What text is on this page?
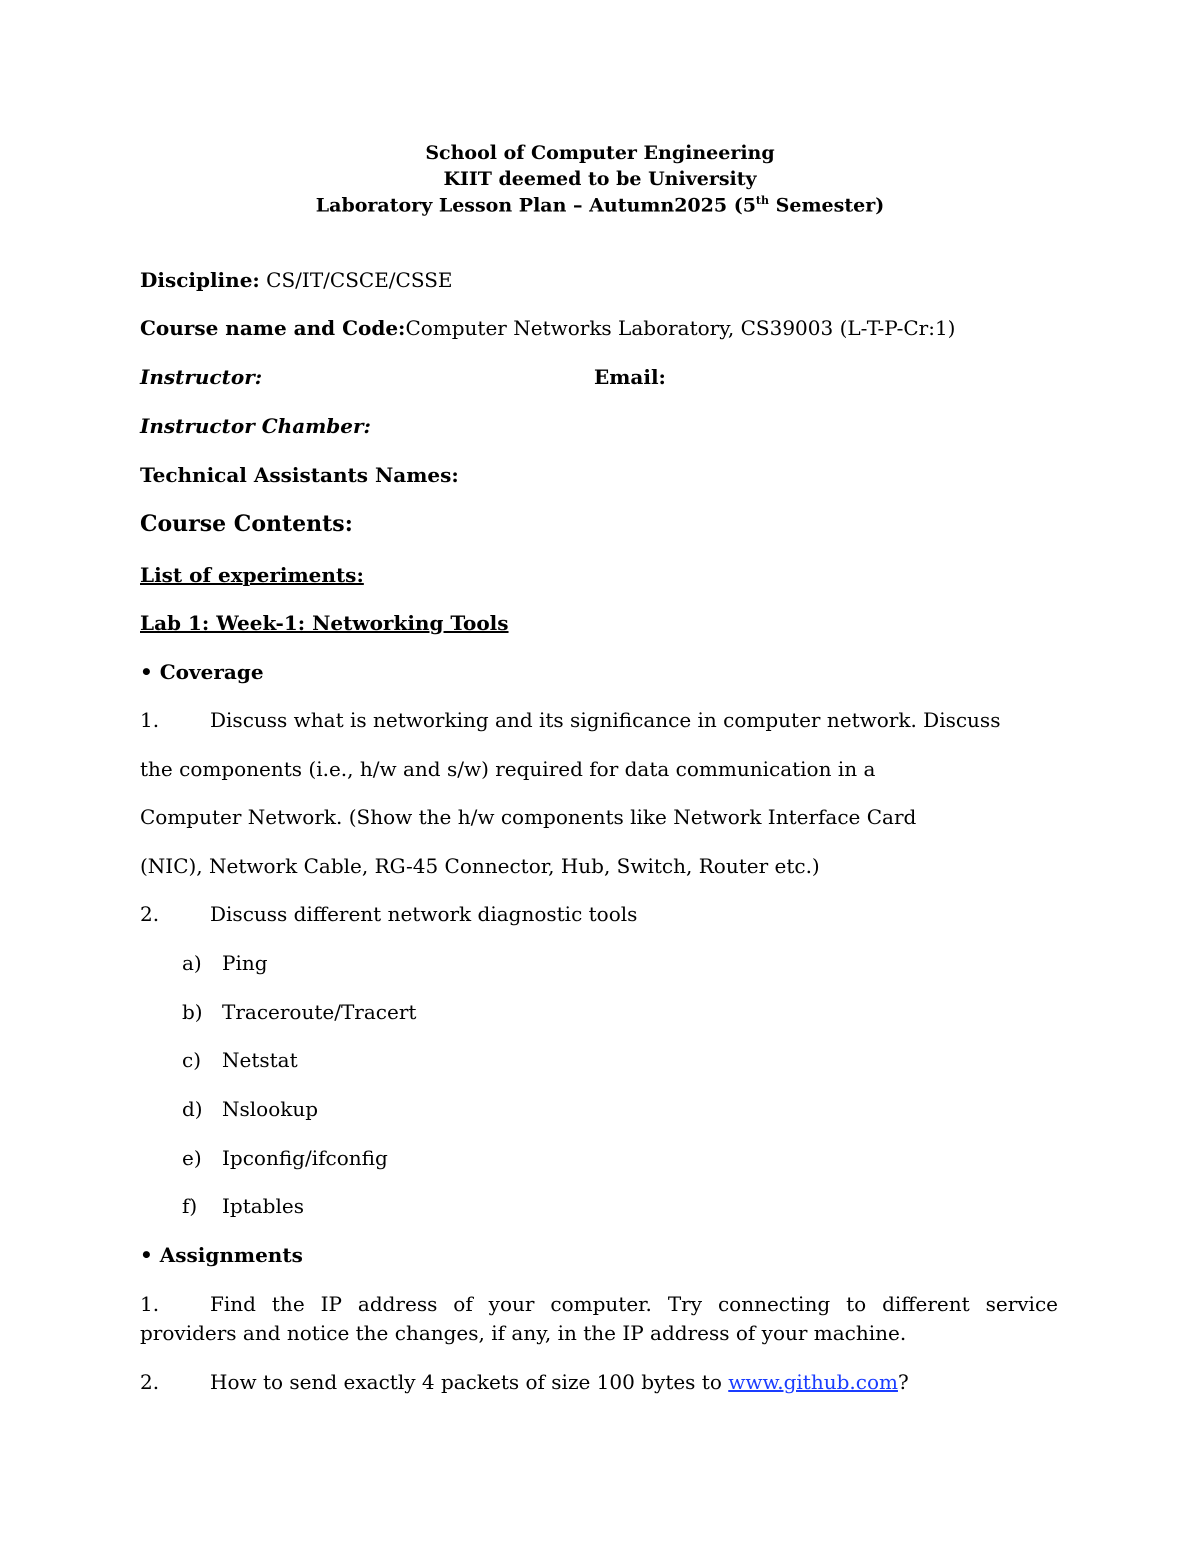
School of Computer Engineering
KIIT deemed to be University
Laboratory Lesson Plan – Autumn2025 (5th Semester)
Discipline: CS/IT/CSCE/CSSE
Course name and Code:Computer Networks Laboratory, CS39003 (L-T-P-Cr:1)
Instructor:	Email:
Instructor Chamber:
Technical Assistants Names:
Course Contents:
List of experiments:
Lab 1: Week-1: Networking Tools
• Coverage
1.	Discuss what is networking and its significance in computer network. Discuss
the components (i.e., h/w and s/w) required for data communication in a
Computer Network. (Show the h/w components like Network Interface Card
(NIC), Network Cable, RG-45 Connector, Hub, Switch, Router etc.)
2.	Discuss different network diagnostic tools
a) Ping
b) Traceroute/Tracert
c) Netstat
d) Nslookup
e) Ipconfig/ifconfig
f) Iptables
• Assignments
1.	Find the IP address of your computer. Try connecting to different service
providers and notice the changes, if any, in the IP address of your machine.
2.	How to send exactly 4 packets of size 100 bytes to www.github.com?
